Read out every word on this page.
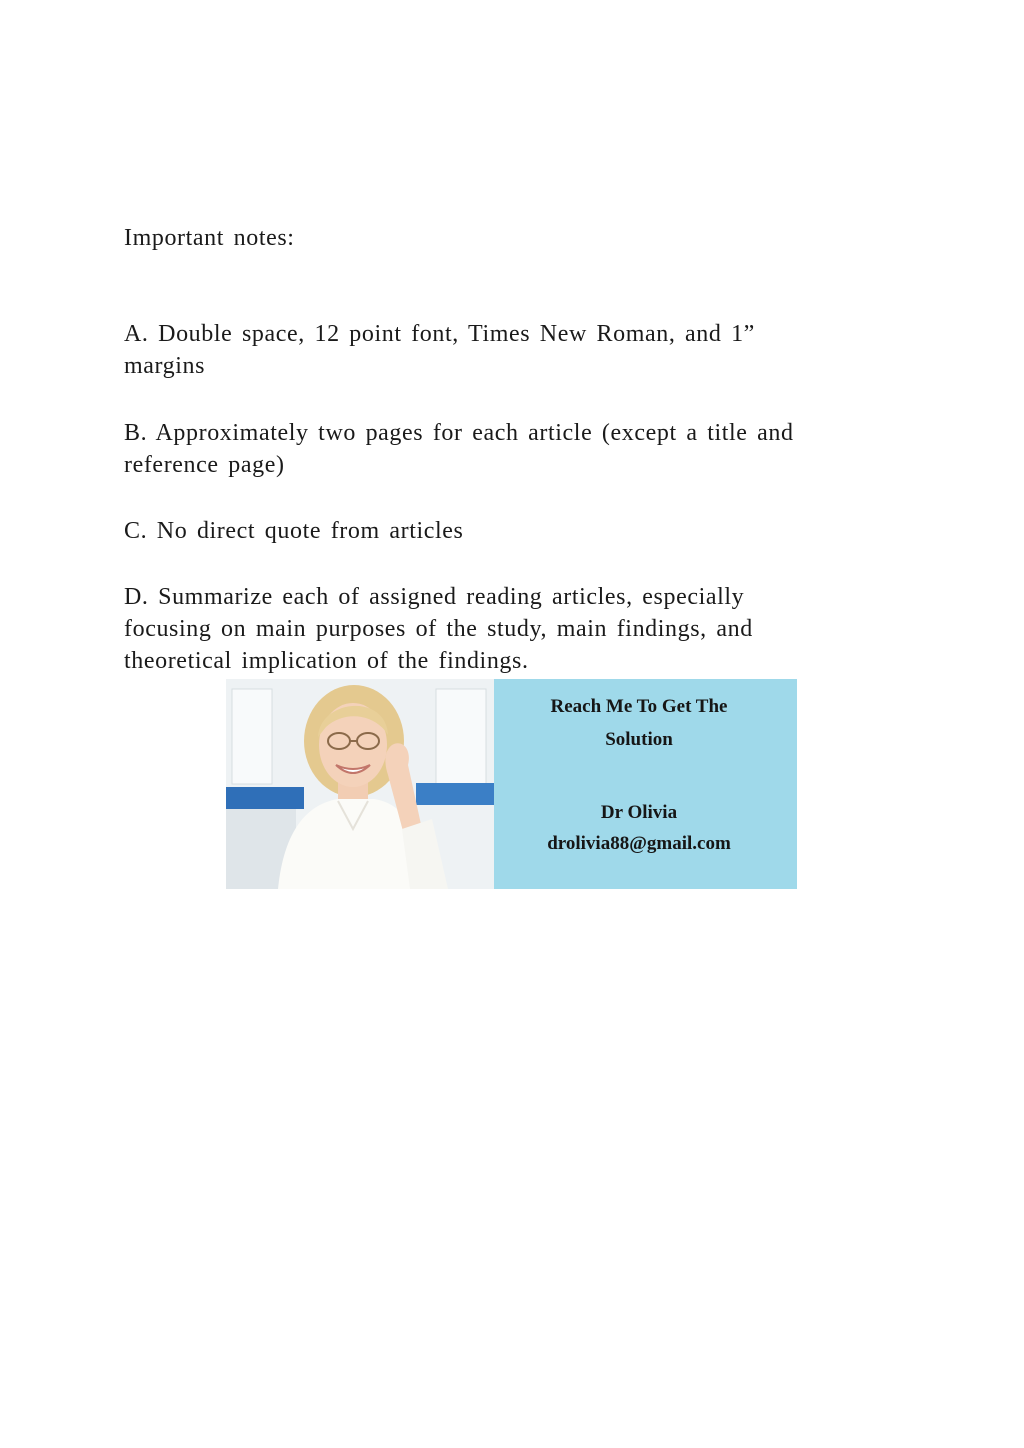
Important notes:

A. Double space, 12 point font, Times New Roman, and 1”
margins
B. Approximately two pages for each article (except a title and
reference page)
C. No direct quote from articles
D. Summarize each of assigned reading articles, especially
focusing on main purposes of the study, main findings, and
theoretical implication of the findings.
Reach Me To Get The
Solution
Dr Olivia
drolivia88@gmail.com
